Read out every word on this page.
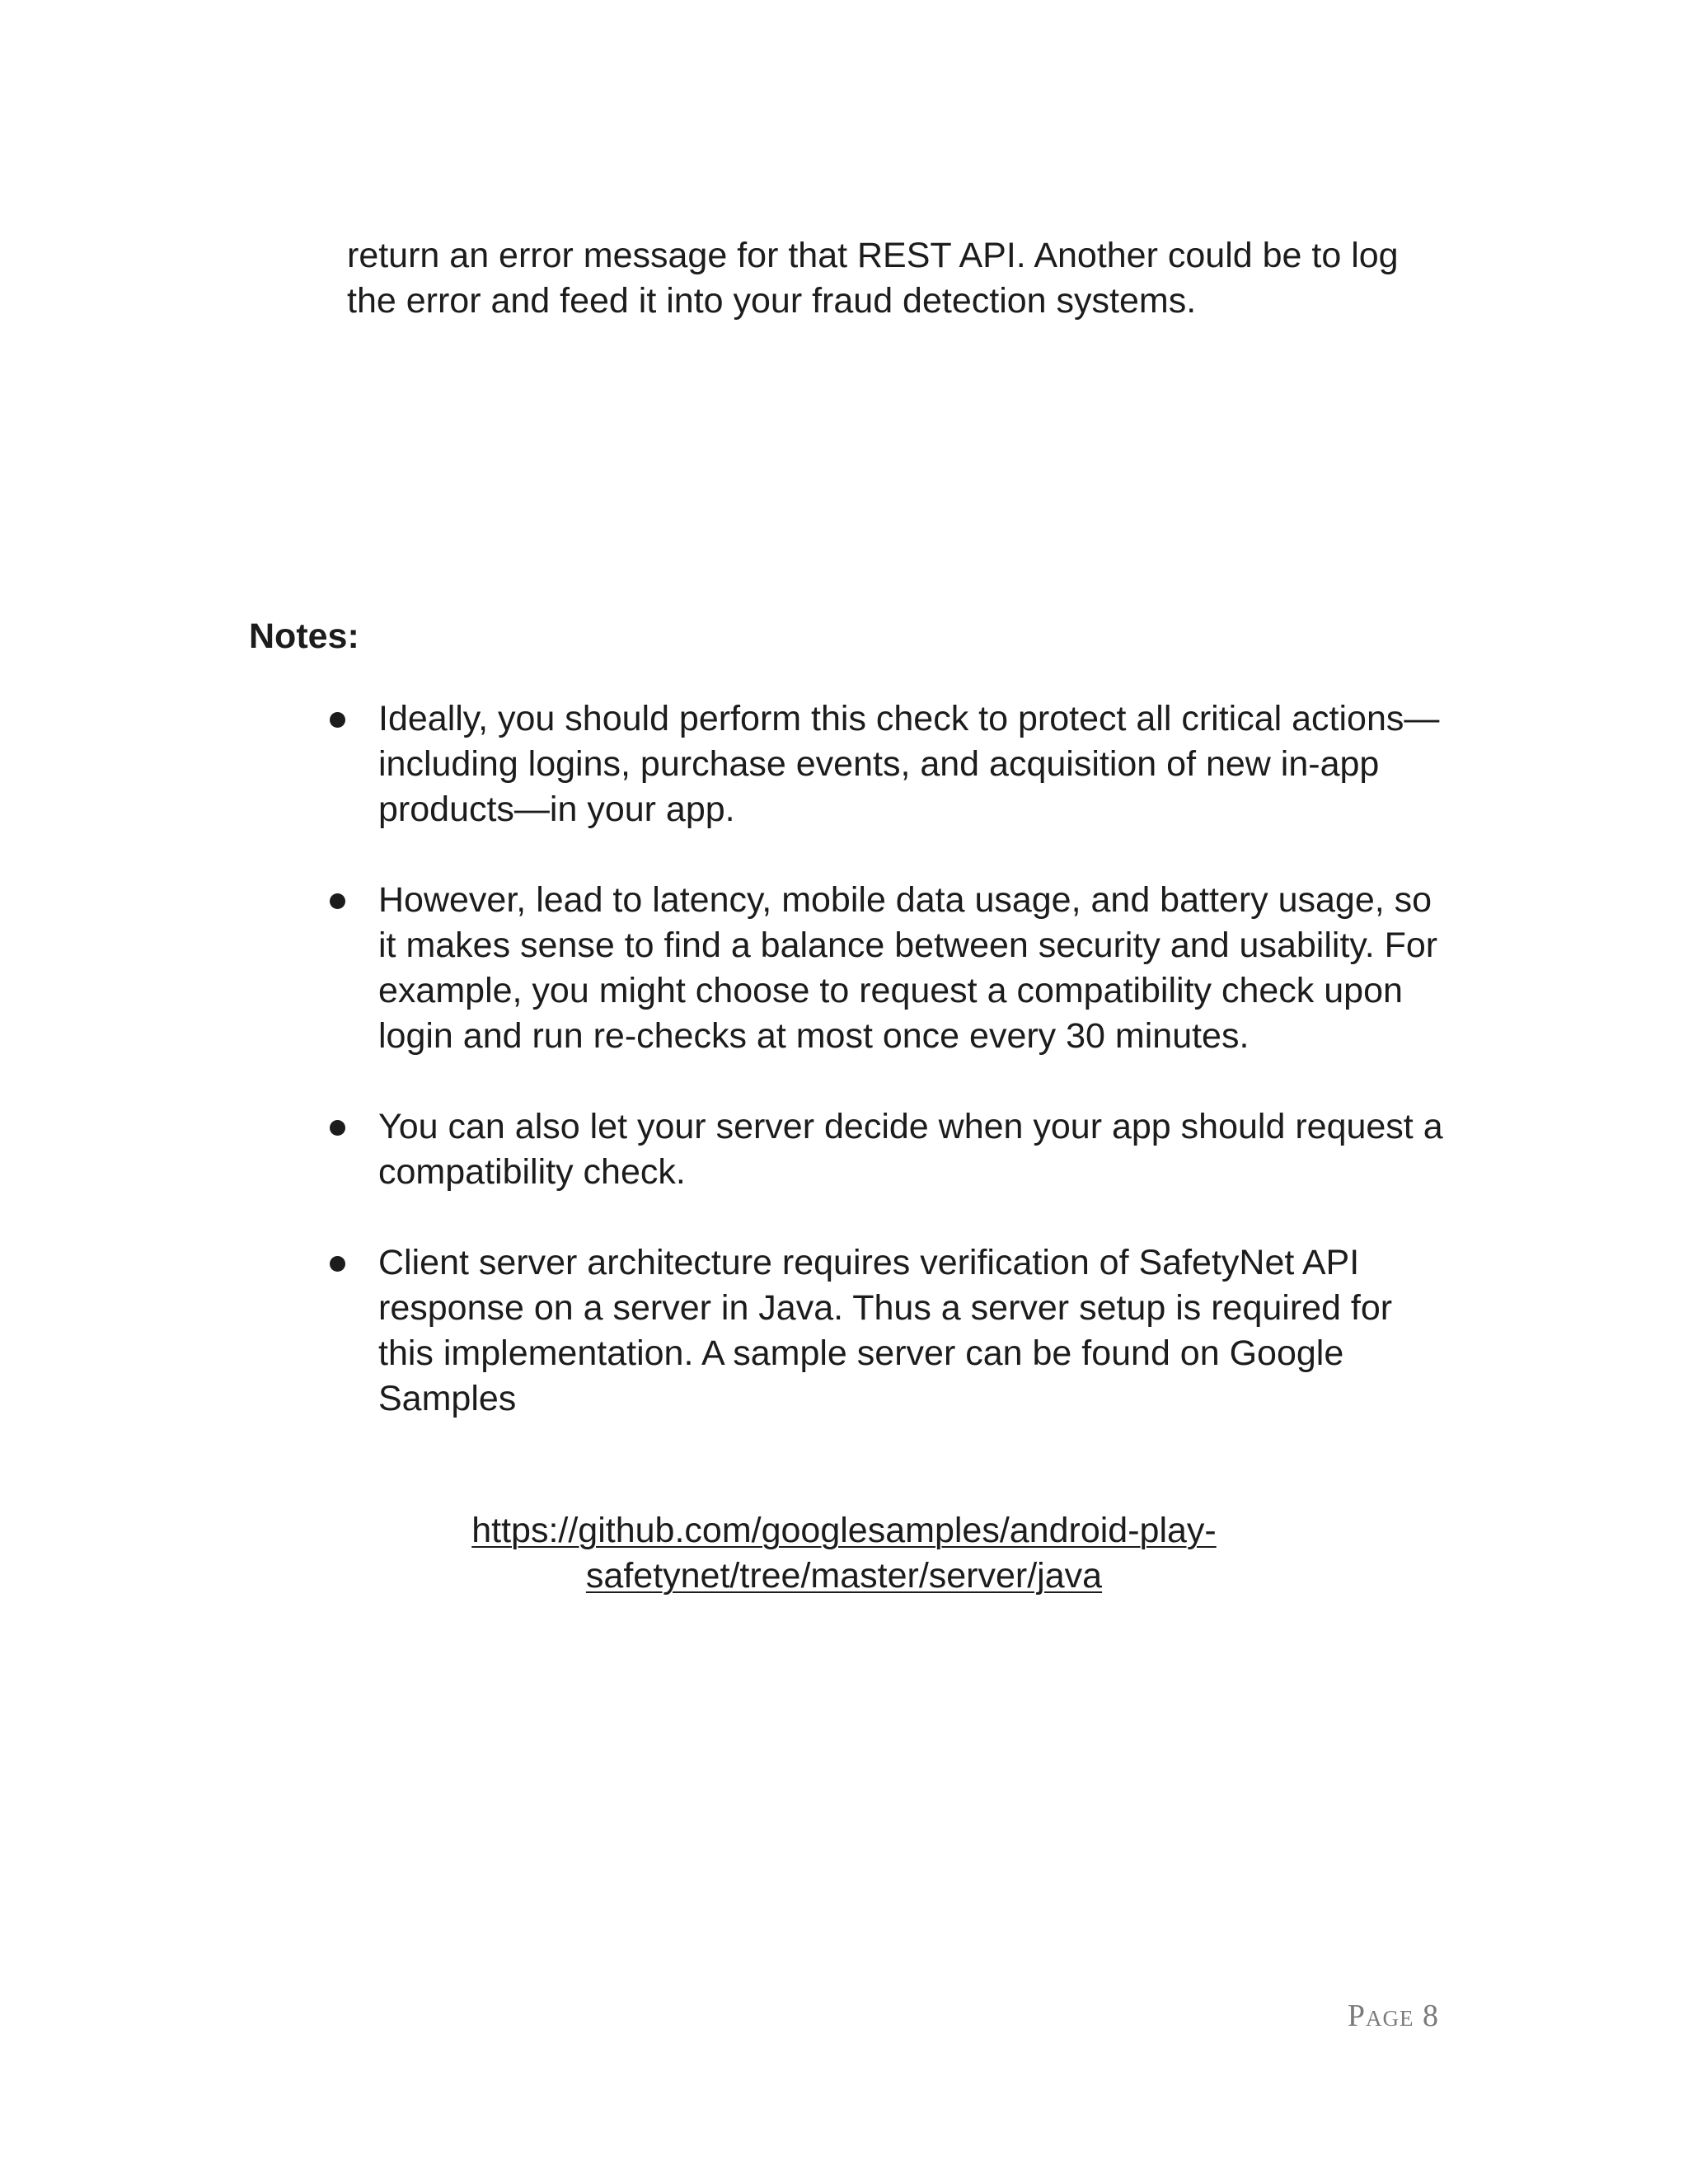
return an error message for that REST API. Another could be to log the error and feed it into your fraud detection systems.

Notes:

Ideally, you should perform this check to protect all critical actions—including logins, purchase events, and acquisition of new in-app products—in your app.
However, lead to latency, mobile data usage, and battery usage, so it makes sense to find a balance between security and usability. For example, you might choose to request a compatibility check upon login and run re-checks at most once every 30 minutes.
You can also let your server decide when your app should request a compatibility check.
Client server architecture requires verification of SafetyNet API response on a server in Java. Thus a server setup is required for this implementation. A sample server can be found on Google Samples

https://github.com/googlesamples/android-play-safetynet/tree/master/server/java

Page 8
